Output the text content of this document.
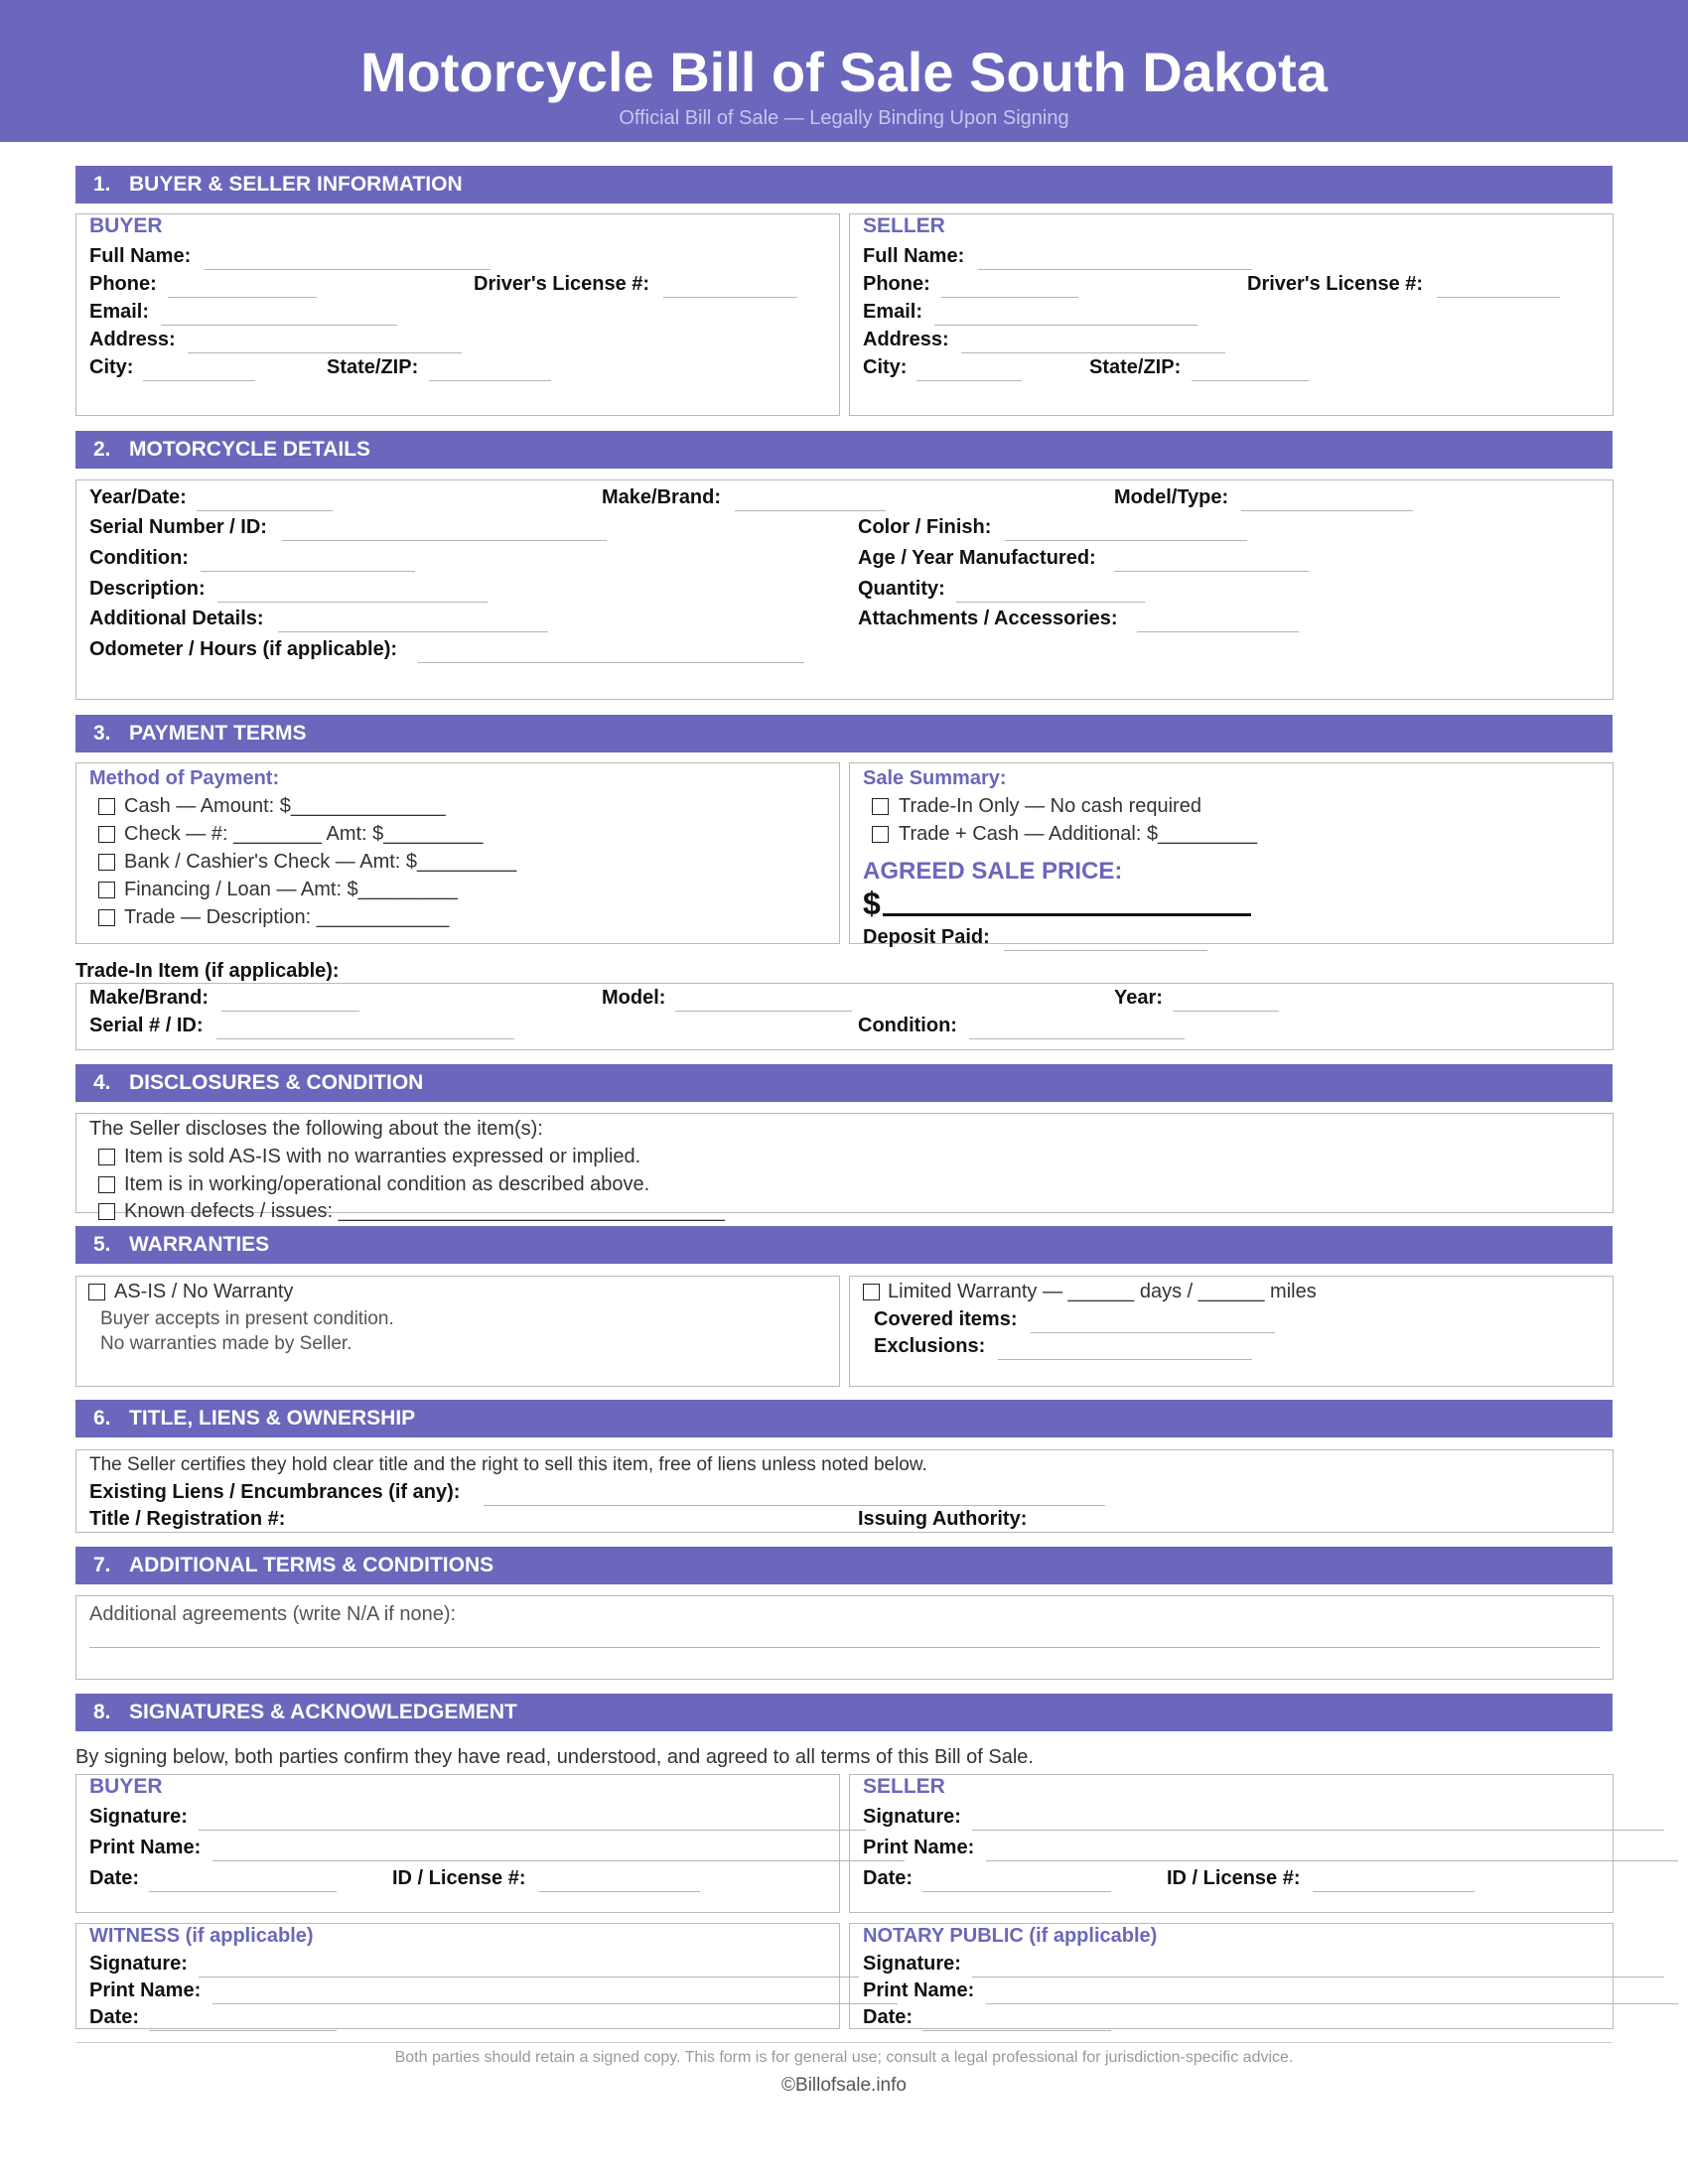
Motorcycle Bill of Sale South Dakota
Official Bill of Sale — Legally Binding Upon Signing
1. BUYER & SELLER INFORMATION
BUYER
Full Name:
Phone:	Driver's License #:
Email:
Address:
City:	State/ZIP:
SELLER
Full Name:
Phone:	Driver's License #:
Email:
Address:
City:	State/ZIP:
2. MOTORCYCLE DETAILS
Year/Date:	Make/Brand:	Model/Type:
Serial Number / ID:	Color / Finish:
Condition:	Age / Year Manufactured:
Description:	Quantity:
Additional Details:	Attachments / Accessories:
Odometer / Hours (if applicable):
3. PAYMENT TERMS
Method of Payment:
Cash — Amount: $______________
Check — #: ________ Amt: $_________
Bank / Cashier's Check — Amt: $_________
Financing / Loan — Amt: $_________
Trade — Description: ____________
Sale Summary:
Trade-In Only — No cash required
Trade + Cash — Additional: $_________
AGREED SALE PRICE:
$
Deposit Paid:
Trade-In Item (if applicable):
Make/Brand:	Model:	Year:
Serial # / ID:	Condition:
4. DISCLOSURES & CONDITION
The Seller discloses the following about the item(s):
Item is sold AS-IS with no warranties expressed or implied.
Item is in working/operational condition as described above.
Known defects / issues: ___________________________________
5. WARRANTIES
AS-IS / No Warranty
Buyer accepts in present condition.
No warranties made by Seller.
Limited Warranty — ______ days / ______ miles
Covered items:
Exclusions:
6. TITLE, LIENS & OWNERSHIP
The Seller certifies they hold clear title and the right to sell this item, free of liens unless noted below.
Existing Liens / Encumbrances (if any):
Title / Registration #:	Issuing Authority:
7. ADDITIONAL TERMS & CONDITIONS
Additional agreements (write N/A if none):
8. SIGNATURES & ACKNOWLEDGEMENT
By signing below, both parties confirm they have read, understood, and agreed to all terms of this Bill of Sale.
BUYER
Signature:
Print Name:
Date:	ID / License #:
SELLER
Signature:
Print Name:
Date:	ID / License #:
WITNESS (if applicable)
Signature:
Print Name:
Date:
NOTARY PUBLIC (if applicable)
Signature:
Print Name:
Date:
Both parties should retain a signed copy. This form is for general use; consult a legal professional for jurisdiction-specific advice.
©Billofsale.info
